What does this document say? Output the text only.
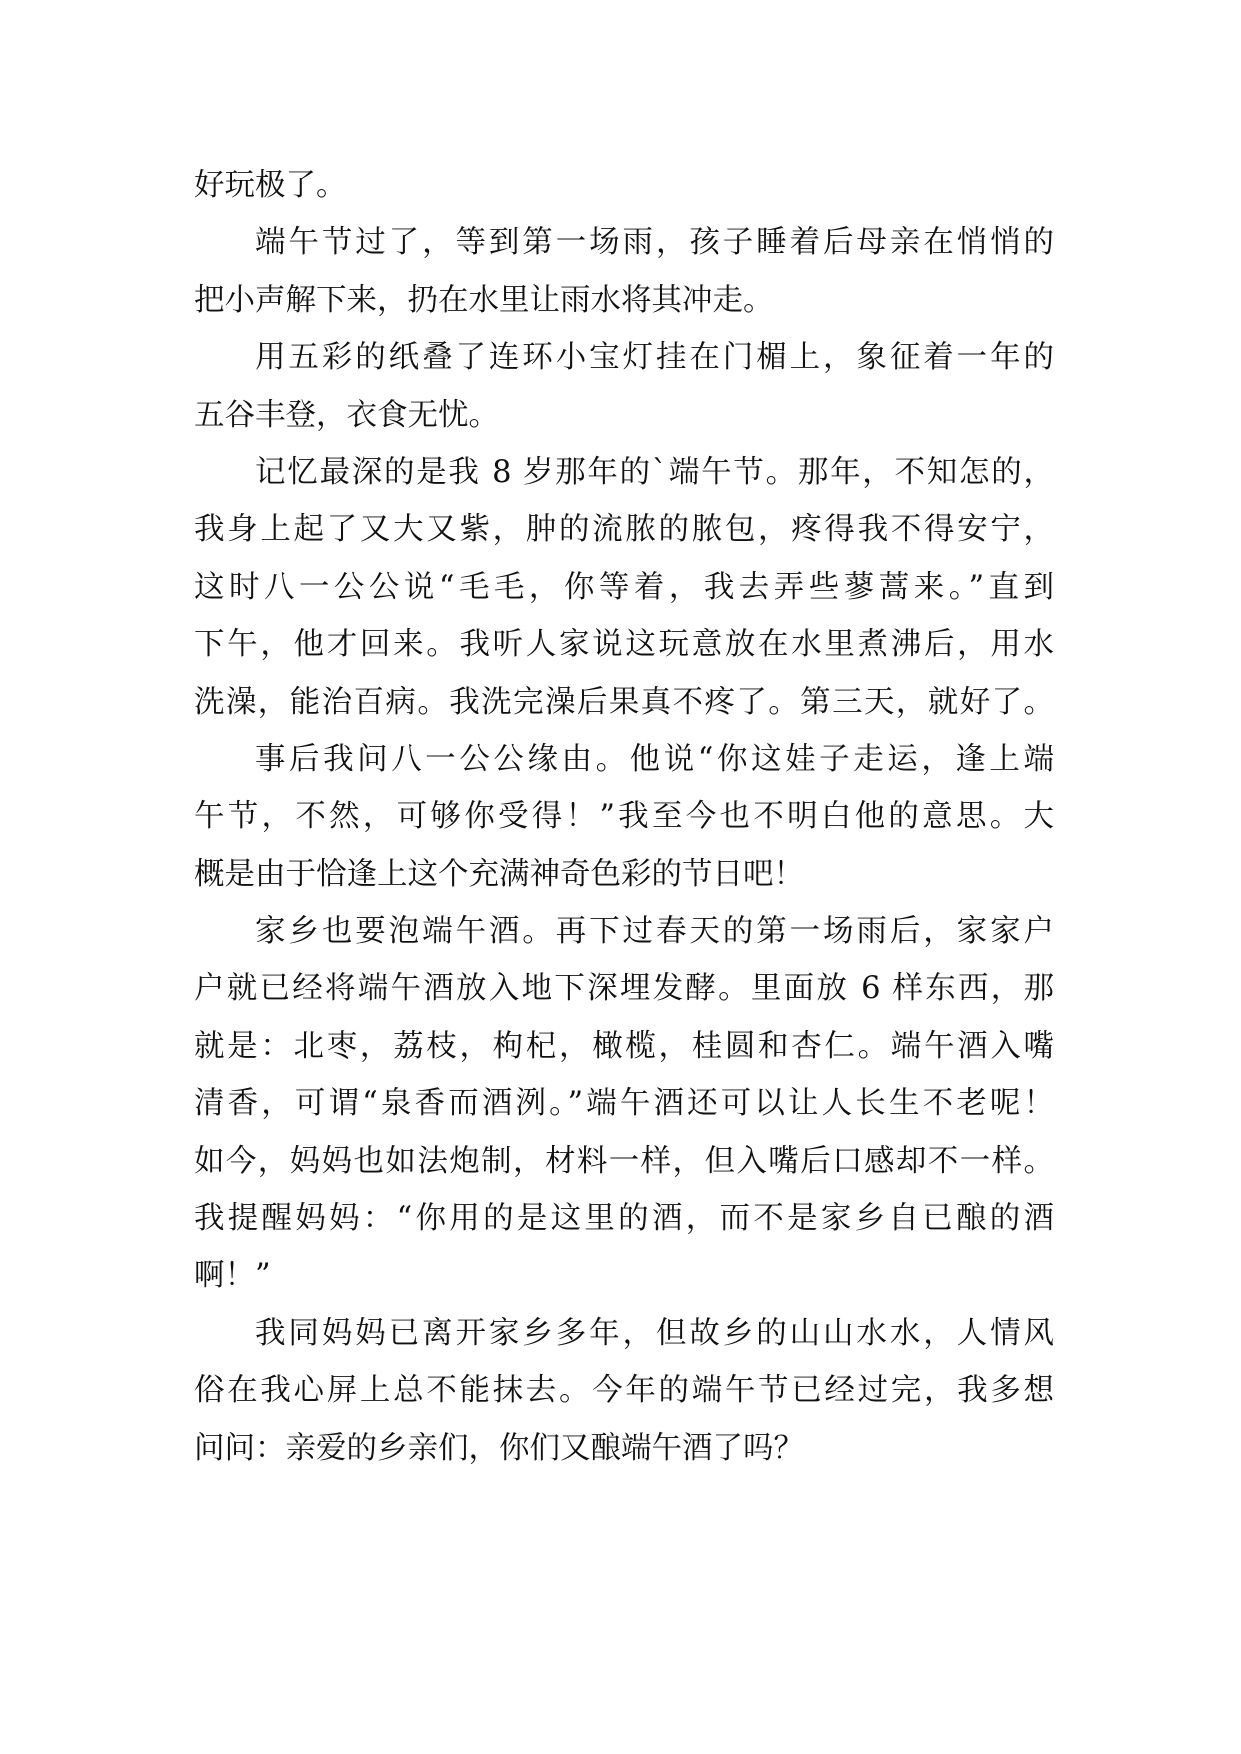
好玩极了。
端午节过了，等到第一场雨，孩子睡着后母亲在悄悄的
把小声解下来，扔在水里让雨水将其冲走。
用五彩的纸叠了连环小宝灯挂在门楣上，象征着一年的
五谷丰登，衣食无忧。
记忆最深的是我 8 岁那年的`端午节。那年，不知怎的，
我身上起了又大又紫，肿的流脓的脓包，疼得我不得安宁，
这时八一公公说“毛毛，你等着，我去弄些蓼蒿来。”直到
下午，他才回来。我听人家说这玩意放在水里煮沸后，用水
洗澡，能治百病。我洗完澡后果真不疼了。第三天，就好了。
事后我问八一公公缘由。他说“你这娃子走运，逢上端
午节，不然，可够你受得！”我至今也不明白他的意思。大
概是由于恰逢上这个充满神奇色彩的节日吧！
家乡也要泡端午酒。再下过春天的第一场雨后，家家户
户就已经将端午酒放入地下深埋发酵。里面放 6 样东西，那
就是：北枣，荔枝，枸杞，橄榄，桂圆和杏仁。端午酒入嘴
清香，可谓“泉香而酒洌。”端午酒还可以让人长生不老呢！
如今，妈妈也如法炮制，材料一样，但入嘴后口感却不一样。
我提醒妈妈：“你用的是这里的酒，而不是家乡自已酿的酒
啊！”
我同妈妈已离开家乡多年，但故乡的山山水水，人情风
俗在我心屏上总不能抹去。今年的端午节已经过完，我多想
问问：亲爱的乡亲们，你们又酿端午酒了吗？
